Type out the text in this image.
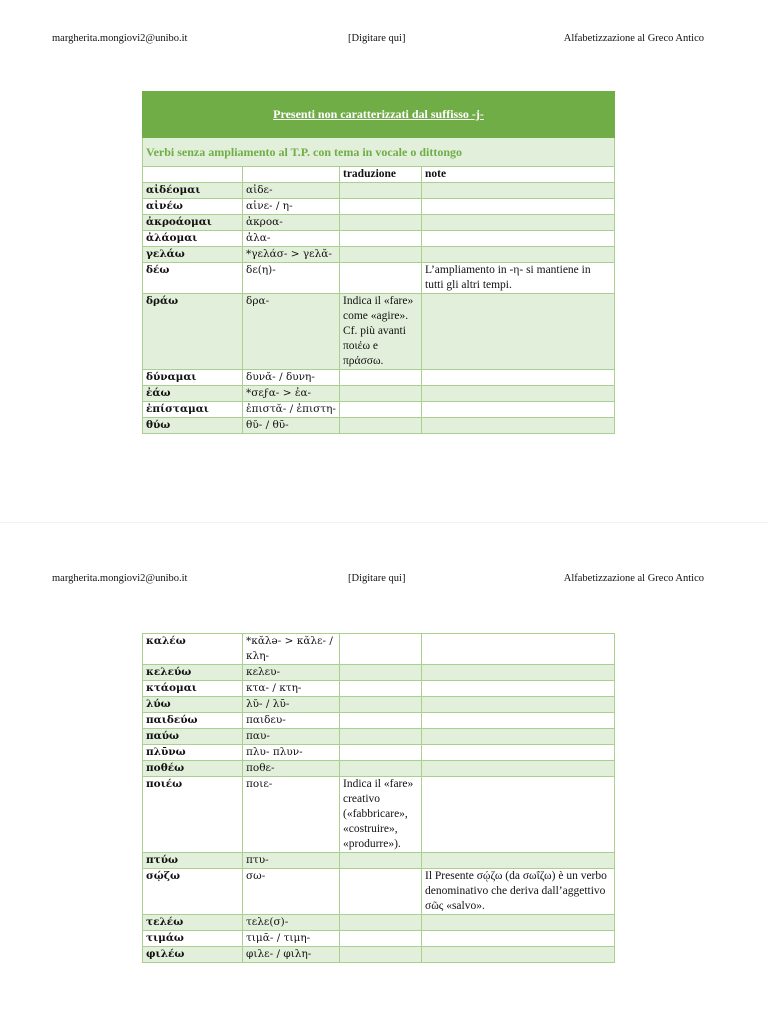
margherita.mongiovi2@unibo.it	[Digitare qui]	Alfabetizzazione al Greco Antico
Presenti non caratterizzati dal suffisso -j-			
Verbi senza ampliamento al T.P. con tema in vocale o dittongo			
		traduzione	note
αἰδέομαι	αἰδε-		
αἰνέω	αἰνε- / η-		
ἀκροάομαι	ἀκροα-		
ἀλάομαι	ἀλα-		
γελάω	*γελάσ- > γελᾰ-		
δέω	δε(η)-		L’ampliamento in -η- si mantiene in tutti gli altri tempi.
δράω	δρα-	Indica il «fare» come «agire». Cf. più avanti ποιέω e πράσσω.	
δύναμαι	δυνᾰ- / δυνη-		
ἐάω	*σεϝα- > ἐα-		
ἐπίσταμαι	ἐπιστᾰ- / ἐπιστη-		
θύω	θῠ- / θῡ-		
margherita.mongiovi2@unibo.it	[Digitare qui]	Alfabetizzazione al Greco Antico
καλέω	*κᾰλə- > κᾰλε- / κλη-		
κελεύω	κελευ-		
κτάομαι	κτα- / κτη-		
λύω	λῠ- / λῡ-		
παιδεύω	παιδευ-		
παύω	παυ-		
πλῡνω	πλυ- πλυν-		
ποθέω	ποθε-		
ποιέω	ποιε-	Indica il «fare» creativo («fabbricare», «costruire», «produrre»).	
πτύω	πτυ-		
σῴζω	σω-		Il Presente σῴζω (da σωΐζω) è un verbo denominativo che deriva dall’aggettivo σῶς «salvo».
τελέω	τελε(σ)-		
τιμάω	τιμᾱ- / τιμη-		
φιλέω	φιλε- / φιλη-		
